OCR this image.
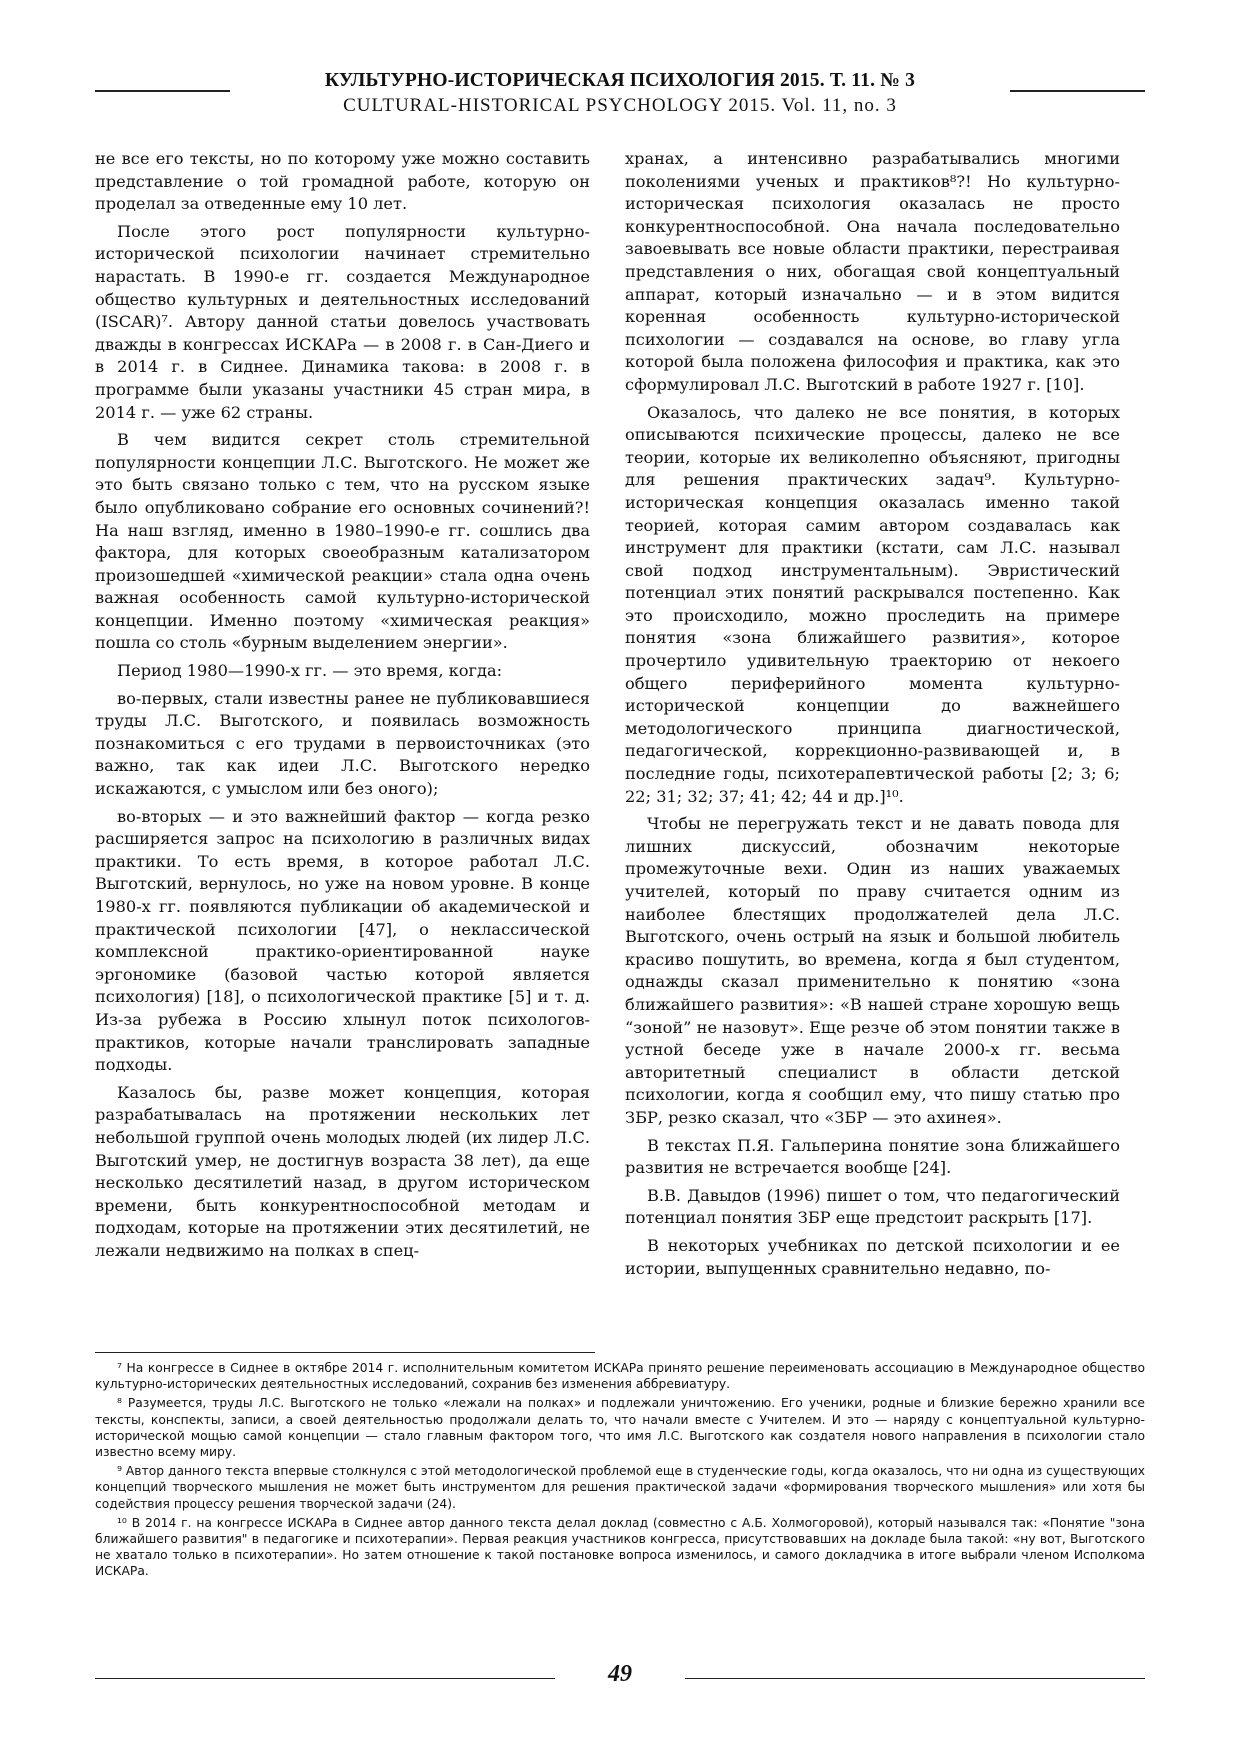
КУЛЬТУРНО-ИСТОРИЧЕСКАЯ ПСИХОЛОГИЯ 2015. Т. 11. № 3
CULTURAL-HISTORICAL PSYCHOLOGY 2015. Vol. 11, no. 3

не все его тексты, но по которому уже можно составить представление о той громадной работе, которую он проделал за отведенные ему 10 лет.

После этого рост популярности культурно-исторической психологии начинает стремительно нарастать. В 1990-е гг. создается Международное общество культурных и деятельностных исследований (ISCAR)⁷. Автору данной статьи довелось участвовать дважды в конгрессах ИСКАРа — в 2008 г. в Сан-Диего и в 2014 г. в Сиднее. Динамика такова: в 2008 г. в программе были указаны участники 45 стран мира, в 2014 г. — уже 62 страны.

В чем видится секрет столь стремительной популярности концепции Л.С. Выготского. Не может же это быть связано только с тем, что на русском языке было опубликовано собрание его основных сочинений?! На наш взгляд, именно в 1980–1990-е гг. сошлись два фактора, для которых своеобразным катализатором произошедшей «химической реакции» стала одна очень важная особенность самой культурно-исторической концепции. Именно поэтому «химическая реакция» пошла со столь «бурным выделением энергии».

Период 1980—1990-х гг. — это время, когда:

во-первых, стали известны ранее не публиковавшиеся труды Л.С. Выготского, и появилась возможность познакомиться с его трудами в первоисточниках (это важно, так как идеи Л.С. Выготского нередко искажаются, с умыслом или без оного);

во-вторых — и это важнейший фактор — когда резко расширяется запрос на психологию в различных видах практики. То есть время, в которое работал Л.С. Выготский, вернулось, но уже на новом уровне. В конце 1980-х гг. появляются публикации об академической и практической психологии [47], о неклассической комплексной практико-ориентированной науке эргономике (базовой частью которой является психология) [18], о психологической практике [5] и т. д. Из-за рубежа в Россию хлынул поток психологов-практиков, которые начали транслировать западные подходы.

Казалось бы, разве может концепция, которая разрабатывалась на протяжении нескольких лет небольшой группой очень молодых людей (их лидер Л.С. Выготский умер, не достигнув возраста 38 лет), да еще несколько десятилетий назад, в другом историческом времени, быть конкурентноспособной методам и подходам, которые на протяжении этих десятилетий, не лежали недвижимо на полках в спец-

хранах, а интенсивно разрабатывались многими поколениями ученых и практиков⁸?! Но культурно-историческая психология оказалась не просто конкурентноспособной. Она начала последовательно завоевывать все новые области практики, перестраивая представления о них, обогащая свой концептуальный аппарат, который изначально — и в этом видится коренная особенность культурно-исторической психологии — создавался на основе, во главу угла которой была положена философия и практика, как это сформулировал Л.С. Выготский в работе 1927 г. [10].

Оказалось, что далеко не все понятия, в которых описываются психические процессы, далеко не все теории, которые их великолепно объясняют, пригодны для решения практических задач⁹. Культурно-историческая концепция оказалась именно такой теорией, которая самим автором создавалась как инструмент для практики (кстати, сам Л.С. называл свой подход инструментальным). Эвристический потенциал этих понятий раскрывался постепенно. Как это происходило, можно проследить на примере понятия «зона ближайшего развития», которое прочертило удивительную траекторию от некоего общего периферийного момента культурно-исторической концепции до важнейшего методологического принципа диагностической, педагогической, коррекционно-развивающей и, в последние годы, психотерапевтической работы [2; 3; 6; 22; 31; 32; 37; 41; 42; 44 и др.]¹⁰.

Чтобы не перегружать текст и не давать повода для лишних дискуссий, обозначим некоторые промежуточные вехи. Один из наших уважаемых учителей, который по праву считается одним из наиболее блестящих продолжателей дела Л.С. Выготского, очень острый на язык и большой любитель красиво пошутить, во времена, когда я был студентом, однажды сказал применительно к понятию «зона ближайшего развития»: «В нашей стране хорошую вещь “зоной” не назовут». Еще резче об этом понятии также в устной беседе уже в начале 2000-х гг. весьма авторитетный специалист в области детской психологии, когда я сообщил ему, что пишу статью про ЗБР, резко сказал, что «ЗБР — это ахинея».

В текстах П.Я. Гальперина понятие зона ближайшего развития не встречается вообще [24].

В.В. Давыдов (1996) пишет о том, что педагогический потенциал понятия ЗБР еще предстоит раскрыть [17].

В некоторых учебниках по детской психологии и ее истории, выпущенных сравнительно недавно, по-

⁷ На конгрессе в Сиднее в октябре 2014 г. исполнительным комитетом ИСКАРа принято решение переименовать ассоциацию в Международное общество культурно-исторических деятельностных исследований, сохранив без изменения аббревиатуру.

⁸ Разумеется, труды Л.С. Выготского не только «лежали на полках» и подлежали уничтожению. Его ученики, родные и близкие бережно хранили все тексты, конспекты, записи, а своей деятельностью продолжали делать то, что начали вместе с Учителем. И это — наряду с концептуальной культурно-исторической мощью самой концепции — стало главным фактором того, что имя Л.С. Выготского как создателя нового направления в психологии стало известно всему миру.

⁹ Автор данного текста впервые столкнулся с этой методологической проблемой еще в студенческие годы, когда оказалось, что ни одна из существующих концепций творческого мышления не может быть инструментом для решения практической задачи «формирования творческого мышления» или хотя бы содействия процессу решения творческой задачи (24).

¹⁰ В 2014 г. на конгрессе ИСКАРа в Сиднее автор данного текста делал доклад (совместно с А.Б. Холмогоровой), который назывался так: «Понятие "зона ближайшего развития" в педагогике и психотерапии». Первая реакция участников конгресса, присутствовавших на докладе была такой: «ну вот, Выготского не хватало только в психотерапии». Но затем отношение к такой постановке вопроса изменилось, и самого докладчика в итоге выбрали членом Исполкома ИСКАРа.

49
